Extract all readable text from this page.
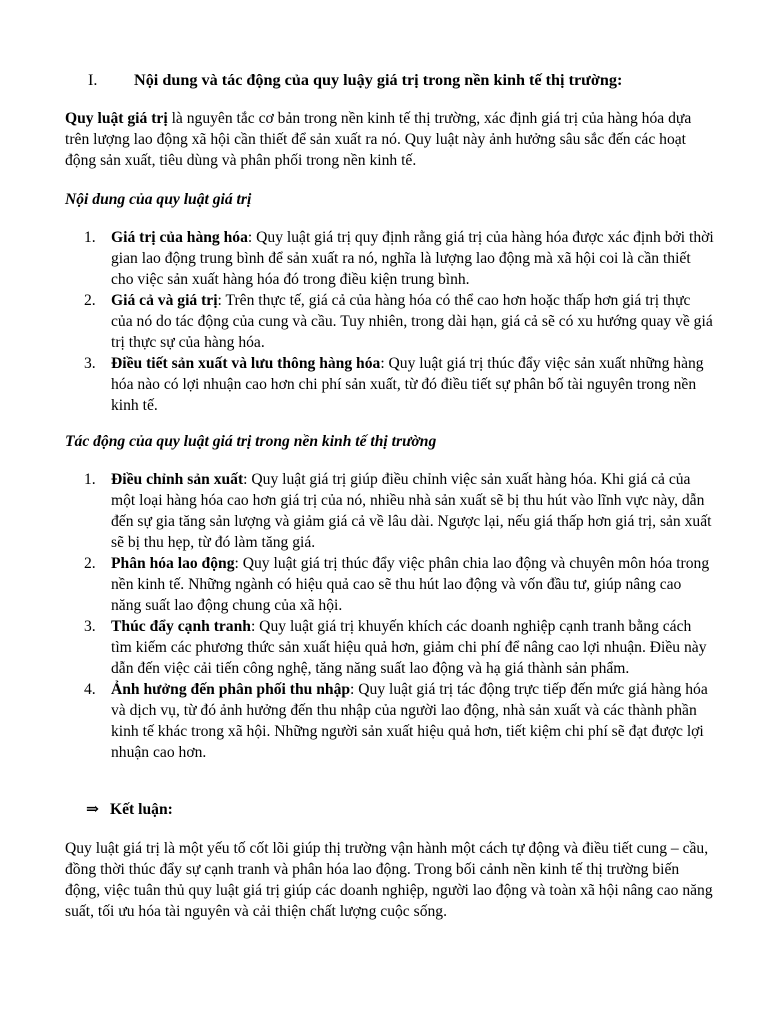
I. Nội dung và tác động của quy luậy giá trị trong nền kinh tế thị trường:

Quy luật giá trị là nguyên tắc cơ bản trong nền kinh tế thị trường, xác định giá trị của hàng hóa dựa trên lượng lao động xã hội cần thiết để sản xuất ra nó. Quy luật này ảnh hưởng sâu sắc đến các hoạt động sản xuất, tiêu dùng và phân phối trong nền kinh tế.

Nội dung của quy luật giá trị

1. Giá trị của hàng hóa: Quy luật giá trị quy định rằng giá trị của hàng hóa được xác định bởi thời gian lao động trung bình để sản xuất ra nó, nghĩa là lượng lao động mà xã hội coi là cần thiết cho việc sản xuất hàng hóa đó trong điều kiện trung bình.
2. Giá cả và giá trị: Trên thực tế, giá cả của hàng hóa có thể cao hơn hoặc thấp hơn giá trị thực của nó do tác động của cung và cầu. Tuy nhiên, trong dài hạn, giá cả sẽ có xu hướng quay về giá trị thực sự của hàng hóa.
3. Điều tiết sản xuất và lưu thông hàng hóa: Quy luật giá trị thúc đẩy việc sản xuất những hàng hóa nào có lợi nhuận cao hơn chi phí sản xuất, từ đó điều tiết sự phân bố tài nguyên trong nền kinh tế.

Tác động của quy luật giá trị trong nền kinh tế thị trường

1. Điều chỉnh sản xuất: Quy luật giá trị giúp điều chỉnh việc sản xuất hàng hóa. Khi giá cả của một loại hàng hóa cao hơn giá trị của nó, nhiều nhà sản xuất sẽ bị thu hút vào lĩnh vực này, dẫn đến sự gia tăng sản lượng và giảm giá cả về lâu dài. Ngược lại, nếu giá thấp hơn giá trị, sản xuất sẽ bị thu hẹp, từ đó làm tăng giá.
2. Phân hóa lao động: Quy luật giá trị thúc đẩy việc phân chia lao động và chuyên môn hóa trong nền kinh tế. Những ngành có hiệu quả cao sẽ thu hút lao động và vốn đầu tư, giúp nâng cao năng suất lao động chung của xã hội.
3. Thúc đẩy cạnh tranh: Quy luật giá trị khuyến khích các doanh nghiệp cạnh tranh bằng cách tìm kiếm các phương thức sản xuất hiệu quả hơn, giảm chi phí để nâng cao lợi nhuận. Điều này dẫn đến việc cải tiến công nghệ, tăng năng suất lao động và hạ giá thành sản phẩm.
4. Ảnh hưởng đến phân phối thu nhập: Quy luật giá trị tác động trực tiếp đến mức giá hàng hóa và dịch vụ, từ đó ảnh hưởng đến thu nhập của người lao động, nhà sản xuất và các thành phần kinh tế khác trong xã hội. Những người sản xuất hiệu quả hơn, tiết kiệm chi phí sẽ đạt được lợi nhuận cao hơn.
⇒ Kết luận:

Quy luật giá trị là một yếu tố cốt lõi giúp thị trường vận hành một cách tự động và điều tiết cung – cầu, đồng thời thúc đẩy sự cạnh tranh và phân hóa lao động. Trong bối cảnh nền kinh tế thị trường biến động, việc tuân thủ quy luật giá trị giúp các doanh nghiệp, người lao động và toàn xã hội nâng cao năng suất, tối ưu hóa tài nguyên và cải thiện chất lượng cuộc sống.
